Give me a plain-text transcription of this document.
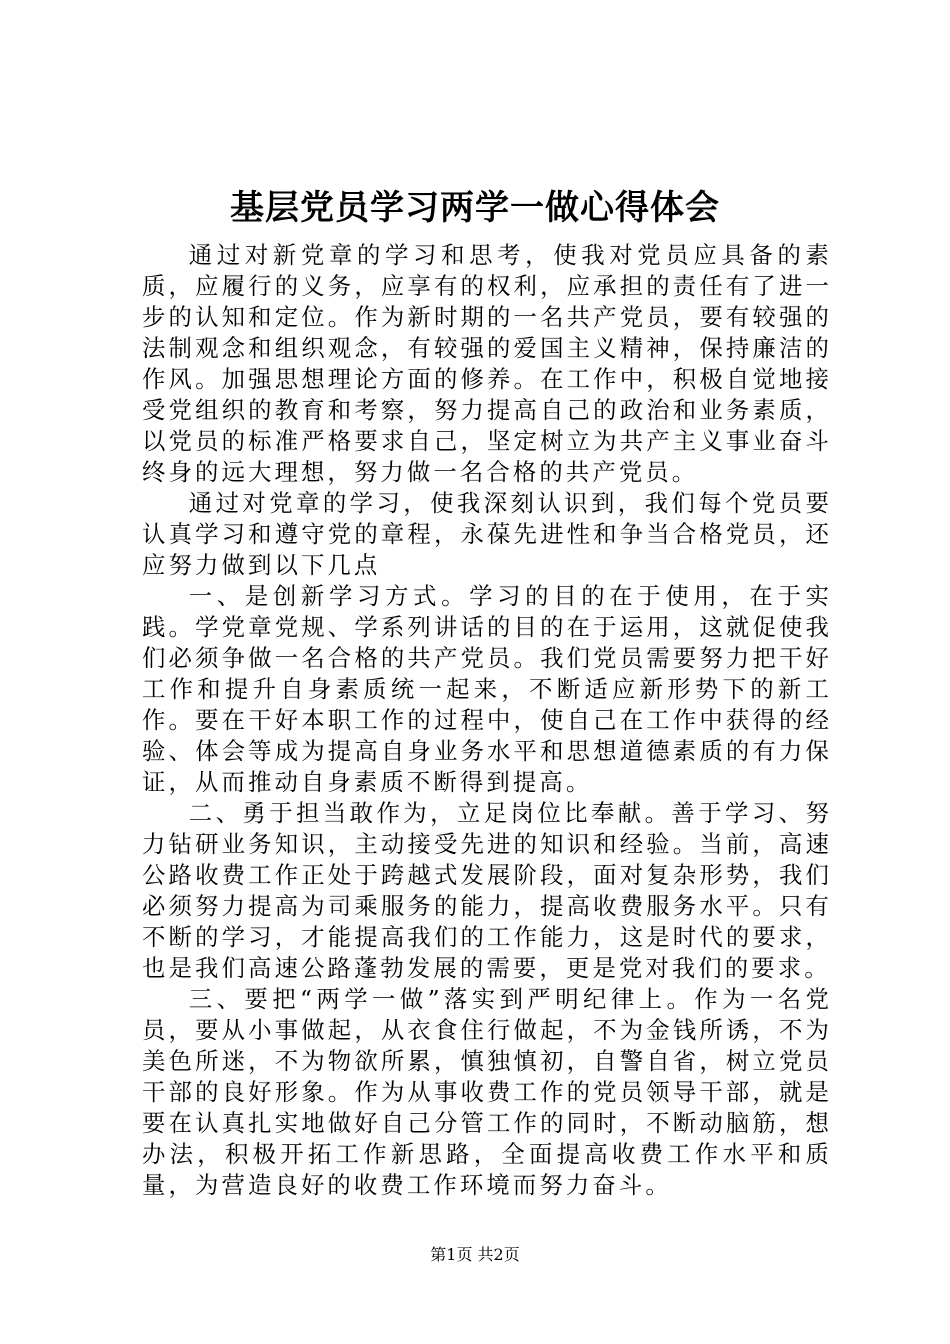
基层党员学习两学一做心得体会

通过对新党章的学习和思考，使我对党员应具备的素质，应履行的义务，应享有的权利，应承担的责任有了进一步的认知和定位。作为新时期的一名共产党员，要有较强的法制观念和组织观念，有较强的爱国主义精神，保持廉洁的作风。加强思想理论方面的修养。在工作中，积极自觉地接受党组织的教育和考察，努力提高自己的政治和业务素质，以党员的标准严格要求自己，坚定树立为共产主义事业奋斗终身的远大理想，努力做一名合格的共产党员。

通过对党章的学习，使我深刻认识到，我们每个党员要认真学习和遵守党的章程，永葆先进性和争当合格党员，还应努力做到以下几点

一、是创新学习方式。学习的目的在于使用，在于实践。学党章党规、学系列讲话的目的在于运用，这就促使我们必须争做一名合格的共产党员。我们党员需要努力把干好工作和提升自身素质统一起来，不断适应新形势下的新工作。要在干好本职工作的过程中，使自己在工作中获得的经验、体会等成为提高自身业务水平和思想道德素质的有力保证，从而推动自身素质不断得到提高。

二、勇于担当敢作为，立足岗位比奉献。善于学习、努力钻研业务知识，主动接受先进的知识和经验。当前，高速公路收费工作正处于跨越式发展阶段，面对复杂形势，我们必须努力提高为司乘服务的能力，提高收费服务水平。只有不断的学习，才能提高我们的工作能力，这是时代的要求，也是我们高速公路蓬勃发展的需要，更是党对我们的要求。

三、要把“两学一做”落实到严明纪律上。作为一名党员，要从小事做起，从衣食住行做起，不为金钱所诱，不为美色所迷，不为物欲所累，慎独慎初，自警自省，树立党员干部的良好形象。作为从事收费工作的党员领导干部，就是要在认真扎实地做好自己分管工作的同时，不断动脑筋，想办法，积极开拓工作新思路，全面提高收费工作水平和质量，为营造良好的收费工作环境而努力奋斗。

第1页 共2页
